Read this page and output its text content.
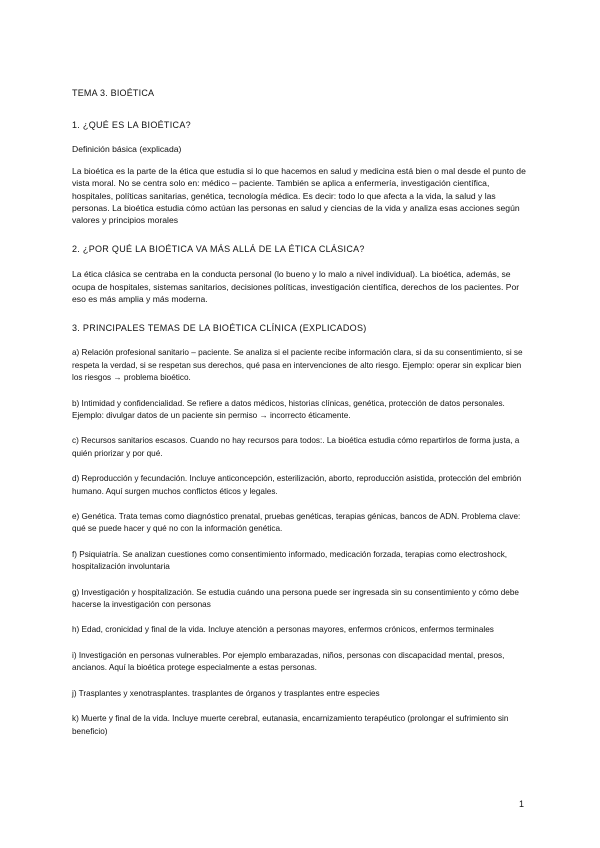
TEMA 3. BIOÉTICA
1. ¿QUÉ ES LA BIOÉTICA?
Definición básica (explicada)
La bioética es la parte de la ética que estudia si lo que hacemos en salud y medicina está bien o mal desde el punto de vista moral. No se centra solo en: médico – paciente. También se aplica a enfermería, investigación científica, hospitales, políticas sanitarias, genética, tecnología médica. Es decir: todo lo que afecta a la vida, la salud y las personas. La bioética estudia cómo actúan las personas en salud y ciencias de la vida y analiza esas acciones según valores y principios morales
2. ¿POR QUÉ LA BIOÉTICA VA MÁS ALLÁ DE LA ÉTICA CLÁSICA?
La ética clásica se centraba en la conducta personal (lo bueno y lo malo a nivel individual). La bioética, además, se ocupa de hospitales, sistemas sanitarios, decisiones políticas, investigación científica, derechos de los pacientes. Por eso es más amplia y más moderna.
3. PRINCIPALES TEMAS DE LA BIOÉTICA CLÍNICA (EXPLICADOS)
a) Relación profesional sanitario – paciente. Se analiza si el paciente recibe información clara, si da su consentimiento, si se respeta la verdad, si se respetan sus derechos, qué pasa en intervenciones de alto riesgo. Ejemplo: operar sin explicar bien los riesgos → problema bioético.
b) Intimidad y confidencialidad. Se refiere a datos médicos, historias clínicas, genética, protección de datos personales. Ejemplo: divulgar datos de un paciente sin permiso → incorrecto éticamente.
c) Recursos sanitarios escasos. Cuando no hay recursos para todos:. La bioética estudia cómo repartirlos de forma justa, a quién priorizar y por qué.
d) Reproducción y fecundación. Incluye anticoncepción, esterilización, aborto, reproducción asistida, protección del embrión humano. Aquí surgen muchos conflictos éticos y legales.
e) Genética. Trata temas como diagnóstico prenatal, pruebas genéticas, terapias génicas, bancos de ADN. Problema clave: qué se puede hacer y qué no con la información genética.
f) Psiquiatría. Se analizan cuestiones como consentimiento informado, medicación forzada, terapias como electroshock, hospitalización involuntaria
g) Investigación y hospitalización. Se estudia cuándo una persona puede ser ingresada sin su consentimiento y cómo debe hacerse la investigación con personas
h) Edad, cronicidad y final de la vida. Incluye atención a personas mayores, enfermos crónicos, enfermos terminales
i) Investigación en personas vulnerables. Por ejemplo embarazadas, niños, personas con discapacidad mental, presos, ancianos. Aquí la bioética protege especialmente a estas personas.
j) Trasplantes y xenotrasplantes. trasplantes de órganos y trasplantes entre especies
k) Muerte y final de la vida. Incluye muerte cerebral, eutanasia, encarnizamiento terapéutico (prolongar el sufrimiento sin beneficio)
1
